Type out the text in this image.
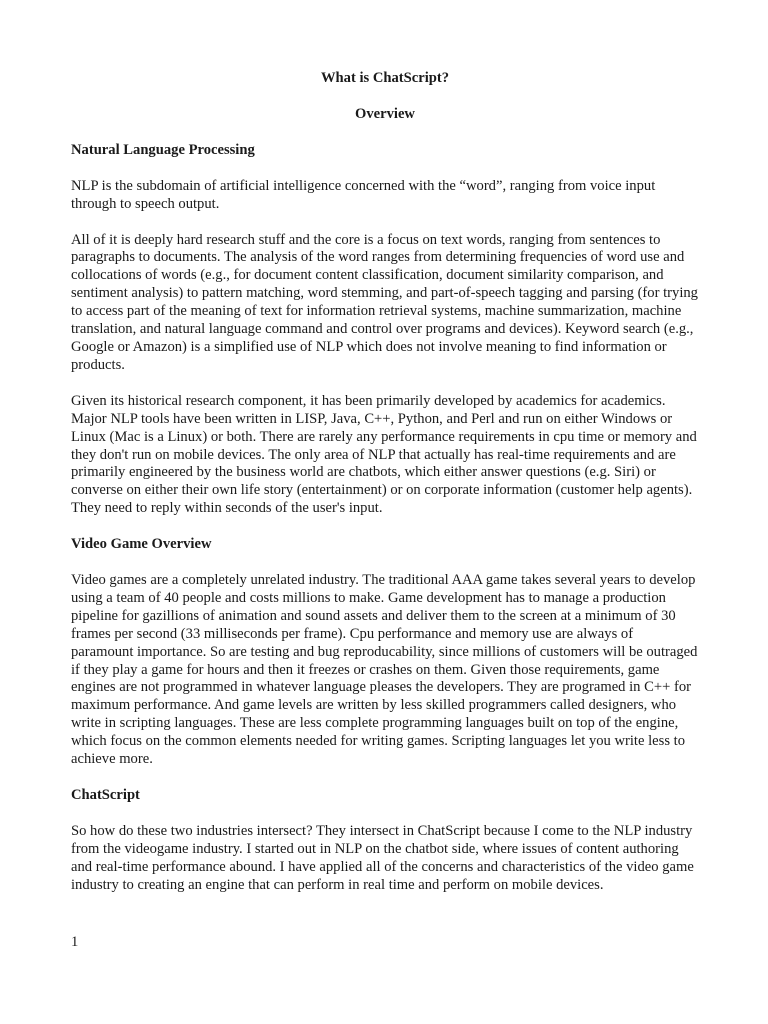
What is ChatScript?

Overview

Natural Language Processing

NLP is the subdomain of artificial intelligence concerned with the “word”, ranging from voice input through to speech output.

All of it is deeply hard research stuff and the core is a focus on text words, ranging from sentences to paragraphs to documents. The analysis of the word ranges from determining frequencies of word use and collocations of words (e.g., for document content classification, document similarity comparison, and sentiment analysis) to pattern matching, word stemming, and part-of-speech tagging and parsing (for trying to access part of the meaning of text for information retrieval systems, machine summarization, machine translation, and natural language command and control over programs and devices). Keyword search (e.g., Google or Amazon) is a simplified use of NLP which does not involve meaning to find information or products.

Given its historical research component, it has been primarily developed by academics for academics. Major NLP tools have been written in LISP, Java, C++, Python, and Perl and run on either Windows or Linux (Mac is a Linux) or both. There are rarely any performance requirements in cpu time or memory and they don't run on mobile devices. The only area of NLP that actually has real-time requirements and are primarily engineered by the business world are chatbots, which either answer questions (e.g. Siri) or converse on either their own life story (entertainment) or on corporate information (customer help agents). They need to reply within seconds of the user's input.

Video Game Overview

Video games are a completely unrelated industry. The traditional AAA game takes several years to develop using a team of 40 people and costs millions to make. Game development has to manage a production pipeline for gazillions of animation and sound assets and deliver them to the screen at a minimum of 30 frames per second (33 milliseconds per frame). Cpu performance and memory use are always of paramount importance. So are testing and bug reproducability, since millions of customers will be outraged if they play a game for hours and then it freezes or crashes on them. Given those requirements, game engines are not programmed in whatever language pleases the developers. They are programed in C++ for maximum performance. And game levels are written by less skilled programmers called designers, who write in scripting languages. These are less complete programming languages built on top of the engine, which focus on the common elements needed for writing games. Scripting languages let you write less to achieve more.

ChatScript

So how do these two industries intersect? They intersect in ChatScript because I come to the NLP industry from the videogame industry. I started out in NLP on the chatbot side, where issues of content authoring and real-time performance abound. I have applied all of the concerns and characteristics of the video game industry to creating an engine that can perform in real time and perform on mobile devices.

1
